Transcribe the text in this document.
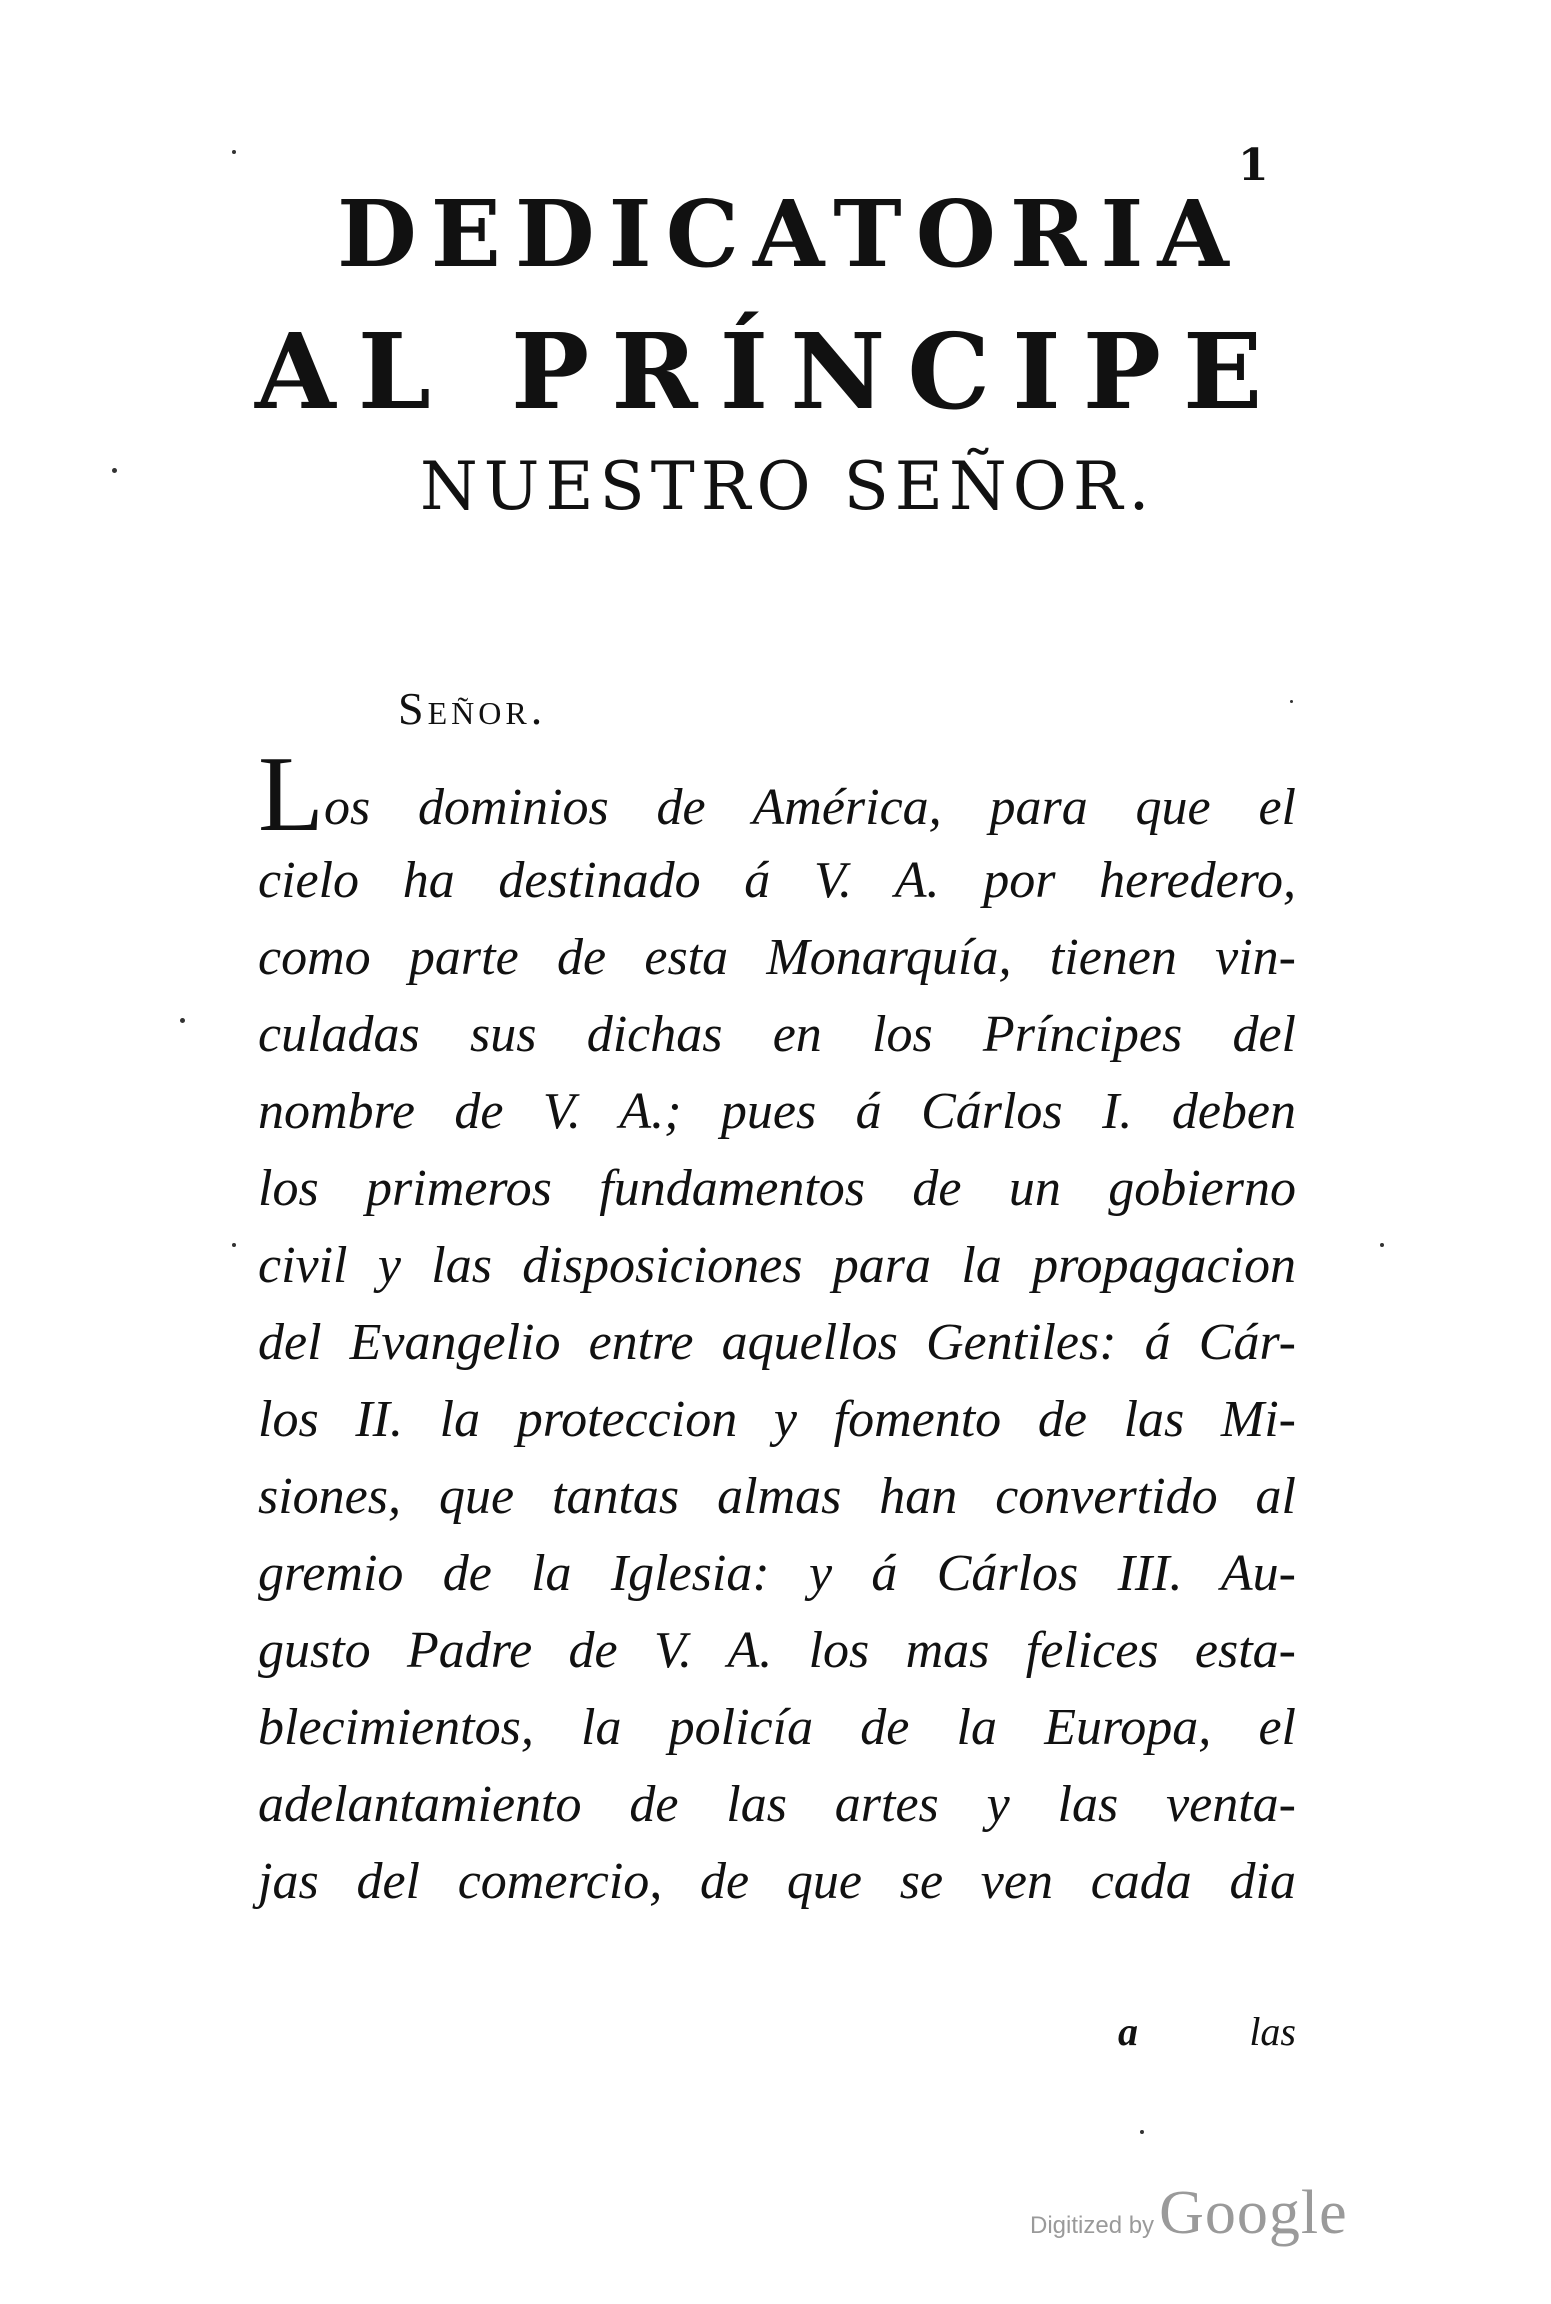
1
DEDICATORIA
AL PRÍNCIPE
NUESTRO SEÑOR.
Señor.
Los dominios de América, para que el
cielo ha destinado á V. A. por heredero,
como parte de esta Monarquía, tienen vin-
culadas sus dichas en los Príncipes del
nombre de V. A.; pues á Cárlos I. deben
los primeros fundamentos de un gobierno
civil y las disposiciones para la propagacion
del Evangelio entre aquellos Gentiles: á Cár-
los II. la proteccion y fomento de las Mi-
siones, que tantas almas han convertido al
gremio de la Iglesia: y á Cárlos III. Au-
gusto Padre de V. A. los mas felices esta-
blecimientos, la policía de la Europa, el
adelantamiento de las artes y las venta-
jas del comercio, de que se ven cada dia
a	las
Digitized by Google
